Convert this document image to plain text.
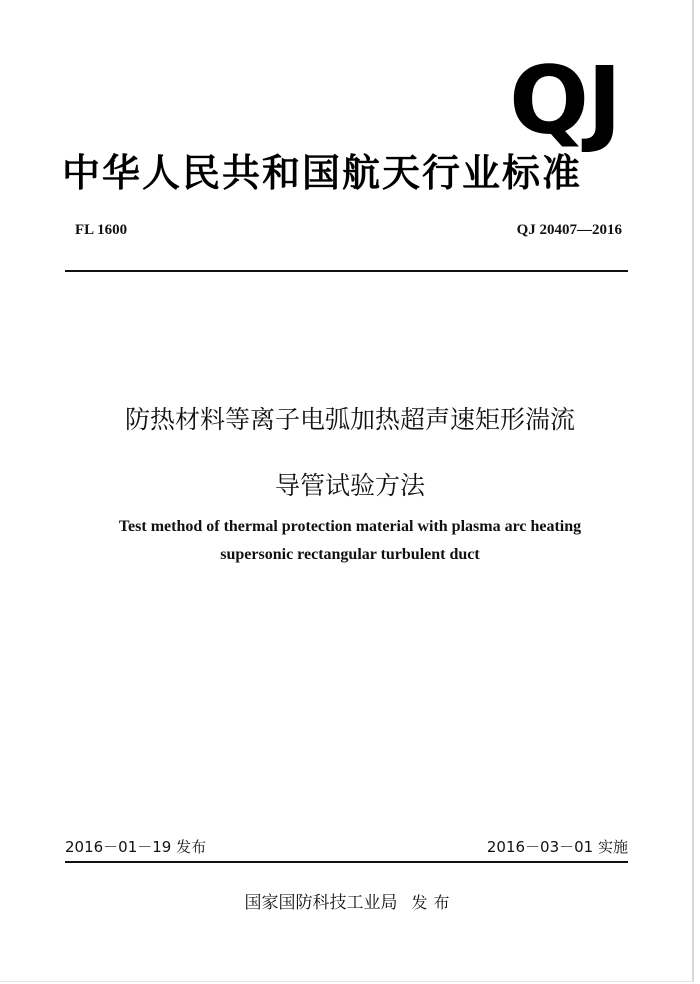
QJ
中华人民共和国航天行业标准
FL 1600	QJ 20407—2016
防热材料等离子电弧加热超声速矩形湍流
导管试验方法
Test method of thermal protection material with plasma arc heating
supersonic rectangular turbulent duct
2016－01－19 发布	2016－03－01 实施
国家国防科技工业局 发布
